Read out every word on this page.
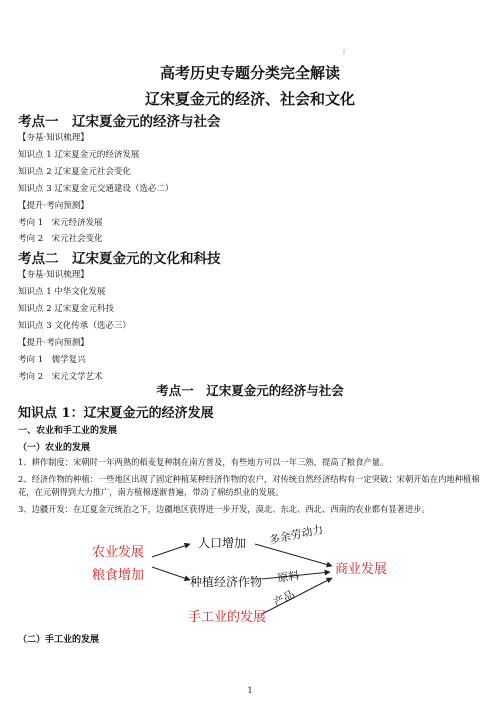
|
高考历史专题分类完全解读
辽宋夏金元的经济、社会和文化
考点一　辽宋夏金元的经济与社会
【夯基·知识梳理】
知识点 1 辽宋夏金元的经济发展
知识点 2 辽宋夏金元社会变化
知识点 3 辽宋夏金元交通建设（选必二）
【提升·考向预测】
考向 1　宋元经济发展
考向 2　宋元社会变化
考点二　辽宋夏金元的文化和科技
【夯基·知识梳理】
知识点 1 中华文化发展
知识点 2 辽宋夏金元科技
知识点 3 文化传承（选必三）
【提升·考向预测】
考向 1　儒学复兴
考向 2　宋元文学艺术
考点一　辽宋夏金元的经济与社会
知识点 1：辽宋夏金元的经济发展
一、农业和手工业的发展
（一）农业的发展
1、耕作制度：宋朝时一年两熟的稻麦复种制在南方普及，有些地方可以一年三熟，提高了粮食产量。
2、经济作物的种植：一些地区出现了固定种植某种经济作物的农户，对传统自然经济结构有一定突破；宋朝开始在内地种植棉花，在元朝得到大力推广，南方植棉逐渐普遍，带动了棉纺织业的发展。
3、边疆开发：在辽夏金元统治之下，边疆地区获得进一步开发，漠北、东北、西北、西南的农业都有显著进步。
农业发展
粮食增加
人口增加
种植经济作物
手工业的发展
商业发展
多余劳动力
原料
产品
（二）手工业的发展
1
